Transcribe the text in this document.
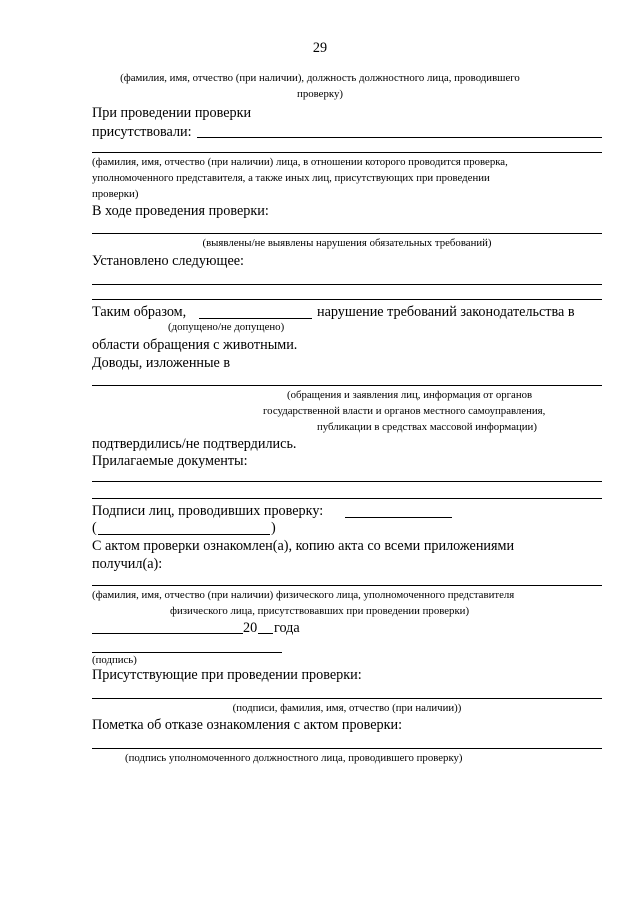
29
(фамилия, имя, отчество (при наличии), должность должностного лица, проводившего
проверку)
При проведении проверки
присутствовали:
(фамилия, имя, отчество (при наличии) лица, в отношении которого проводится проверка,
уполномоченного представителя, а также иных лиц, присутствующих при проведении
проверки)
В ходе проведения проверки:
(выявлены/не выявлены нарушения обязательных требований)
Установлено следующее:
Таким образом,	нарушение требований законодательства в
(допущено/не допущено)
области обращения с животными.
Доводы, изложенные в
(обращения и заявления лиц, информация от органов
государственной власти и органов местного самоуправления,
публикации в средствах массовой информации)
подтвердились/не подтвердились.
Прилагаемые документы:
Подписи лиц, проводивших проверку:
(	)
С актом проверки ознакомлен(а), копию акта со всеми приложениями
получил(а):
(фамилия, имя, отчество (при наличии) физического лица, уполномоченного представителя
физического лица, присутствовавших при проведении проверки)
20 года
(подпись)
Присутствующие при проведении проверки:
(подписи, фамилия, имя, отчество (при наличии))
Пометка об отказе ознакомления с актом проверки:
(подпись уполномоченного должностного лица, проводившего проверку)
